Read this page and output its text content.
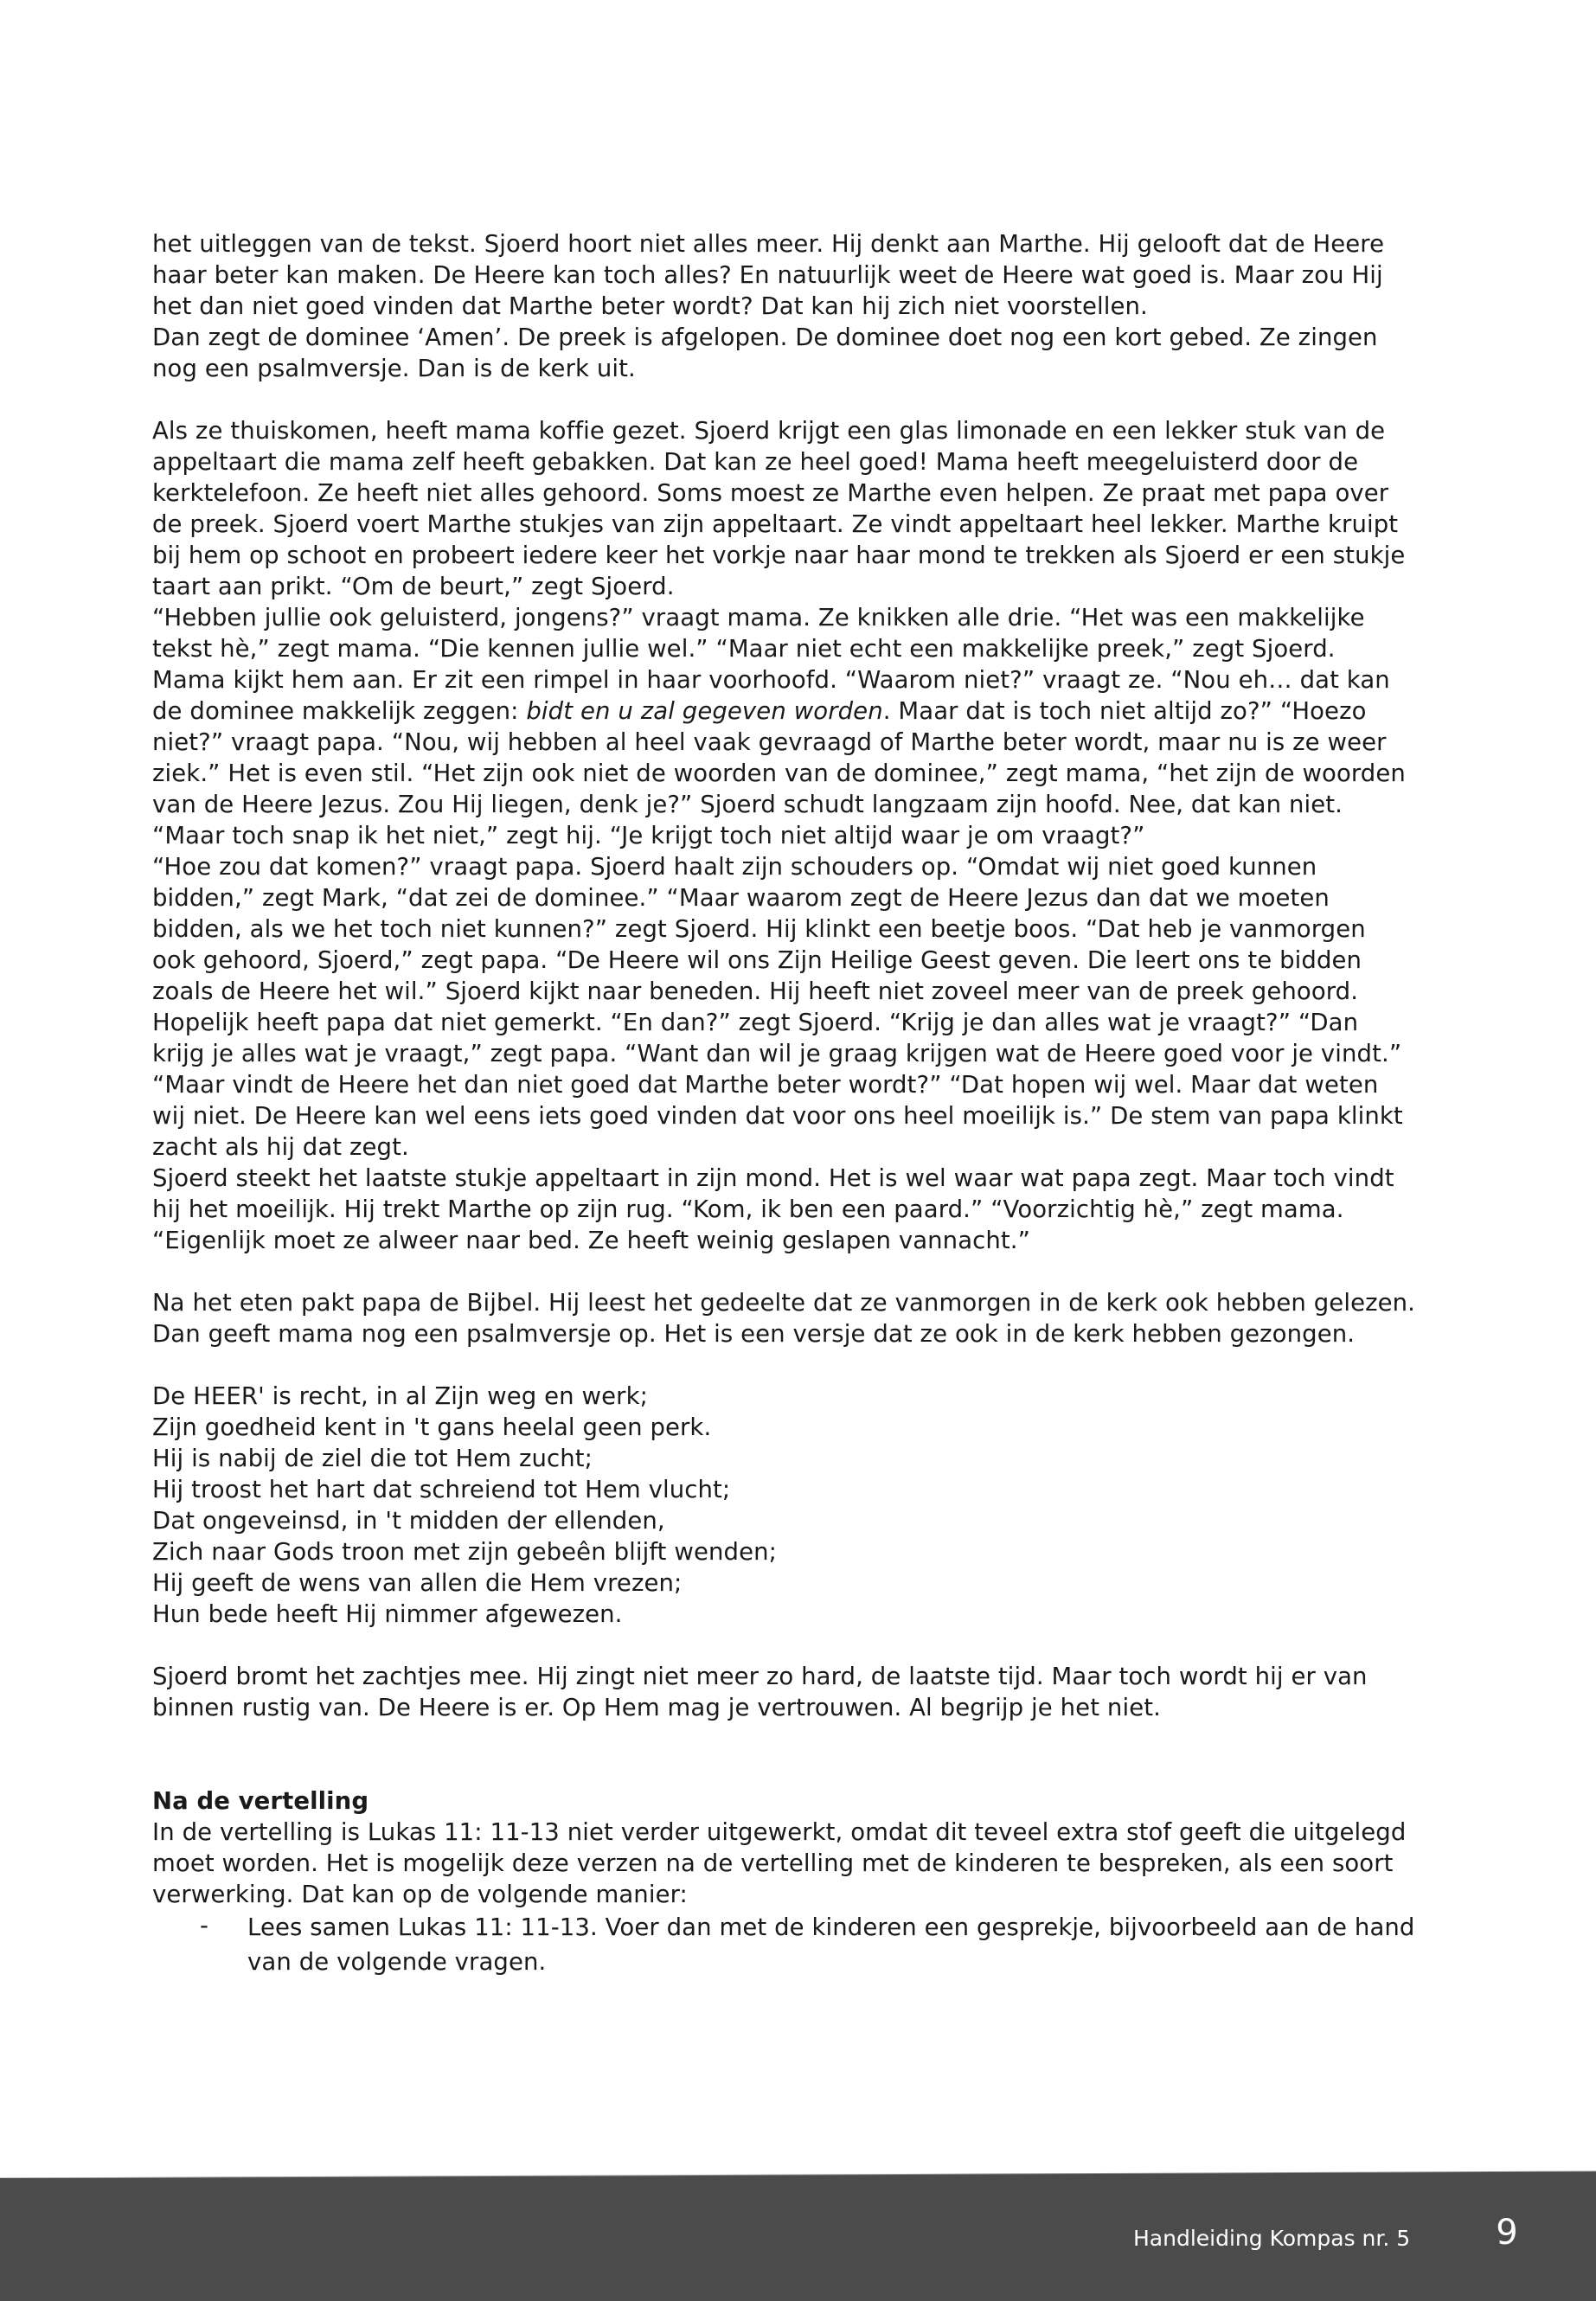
het uitleggen van de tekst. Sjoerd hoort niet alles meer. Hij denkt aan Marthe. Hij gelooft dat de Heere haar beter kan maken. De Heere kan toch alles? En natuurlijk weet de Heere wat goed is. Maar zou Hij het dan niet goed vinden dat Marthe beter wordt? Dat kan hij zich niet voorstellen.

Dan zegt de dominee ‘Amen’. De preek is afgelopen. De dominee doet nog een kort gebed. Ze zingen nog een psalmversje. Dan is de kerk uit.

Als ze thuiskomen, heeft mama koffie gezet. Sjoerd krijgt een glas limonade en een lekker stuk van de appeltaart die mama zelf heeft gebakken. Dat kan ze heel goed! Mama heeft meegeluisterd door de kerktelefoon. Ze heeft niet alles gehoord. Soms moest ze Marthe even helpen. Ze praat met papa over de preek. Sjoerd voert Marthe stukjes van zijn appeltaart. Ze vindt appeltaart heel lekker. Marthe kruipt bij hem op schoot en probeert iedere keer het vorkje naar haar mond te trekken als Sjoerd er een stukje taart aan prikt. “Om de beurt,” zegt Sjoerd.

“Hebben jullie ook geluisterd, jongens?” vraagt mama. Ze knikken alle drie. “Het was een makkelijke tekst hè,” zegt mama. “Die kennen jullie wel.” “Maar niet echt een makkelijke preek,” zegt Sjoerd. Mama kijkt hem aan. Er zit een rimpel in haar voorhoofd. “Waarom niet?” vraagt ze. “Nou eh… dat kan de dominee makkelijk zeggen: bidt en u zal gegeven worden. Maar dat is toch niet altijd zo?” “Hoezo niet?” vraagt papa. “Nou, wij hebben al heel vaak gevraagd of Marthe beter wordt, maar nu is ze weer ziek.” Het is even stil. “Het zijn ook niet de woorden van de dominee,” zegt mama, “het zijn de woorden van de Heere Jezus. Zou Hij liegen, denk je?” Sjoerd schudt langzaam zijn hoofd. Nee, dat kan niet. “Maar toch snap ik het niet,” zegt hij. “Je krijgt toch niet altijd waar je om vraagt?”

“Hoe zou dat komen?” vraagt papa. Sjoerd haalt zijn schouders op. “Omdat wij niet goed kunnen bidden,” zegt Mark, “dat zei de dominee.” “Maar waarom zegt de Heere Jezus dan dat we moeten bidden, als we het toch niet kunnen?” zegt Sjoerd. Hij klinkt een beetje boos. “Dat heb je vanmorgen ook gehoord, Sjoerd,” zegt papa. “De Heere wil ons Zijn Heilige Geest geven. Die leert ons te bidden zoals de Heere het wil.” Sjoerd kijkt naar beneden. Hij heeft niet zoveel meer van de preek gehoord. Hopelijk heeft papa dat niet gemerkt. “En dan?” zegt Sjoerd. “Krijg je dan alles wat je vraagt?” “Dan krijg je alles wat je vraagt,” zegt papa. “Want dan wil je graag krijgen wat de Heere goed voor je vindt.” “Maar vindt de Heere het dan niet goed dat Marthe beter wordt?” “Dat hopen wij wel. Maar dat weten wij niet. De Heere kan wel eens iets goed vinden dat voor ons heel moeilijk is.” De stem van papa klinkt zacht als hij dat zegt.

Sjoerd steekt het laatste stukje appeltaart in zijn mond. Het is wel waar wat papa zegt. Maar toch vindt hij het moeilijk. Hij trekt Marthe op zijn rug. “Kom, ik ben een paard.” “Voorzichtig hè,” zegt mama. “Eigenlijk moet ze alweer naar bed. Ze heeft weinig geslapen vannacht.”

Na het eten pakt papa de Bijbel. Hij leest het gedeelte dat ze vanmorgen in de kerk ook hebben gelezen. Dan geeft mama nog een psalmversje op. Het is een versje dat ze ook in de kerk hebben gezongen.

De HEER' is recht, in al Zijn weg en werk;
Zijn goedheid kent in 't gans heelal geen perk.
Hij is nabij de ziel die tot Hem zucht;
Hij troost het hart dat schreiend tot Hem vlucht;
Dat ongeveinsd, in 't midden der ellenden,
Zich naar Gods troon met zijn gebeên blijft wenden;
Hij geeft de wens van allen die Hem vrezen;
Hun bede heeft Hij nimmer afgewezen.

Sjoerd bromt het zachtjes mee. Hij zingt niet meer zo hard, de laatste tijd. Maar toch wordt hij er van binnen rustig van. De Heere is er. Op Hem mag je vertrouwen. Al begrijp je het niet.

Na de vertelling

In de vertelling is Lukas 11: 11-13 niet verder uitgewerkt, omdat dit teveel extra stof geeft die uitgelegd moet worden. Het is mogelijk deze verzen na de vertelling met de kinderen te bespreken, als een soort verwerking. Dat kan op de volgende manier:

- Lees samen Lukas 11: 11-13. Voer dan met de kinderen een gesprekje, bijvoorbeeld aan de hand van de volgende vragen.
Handleiding Kompas nr. 5	9
